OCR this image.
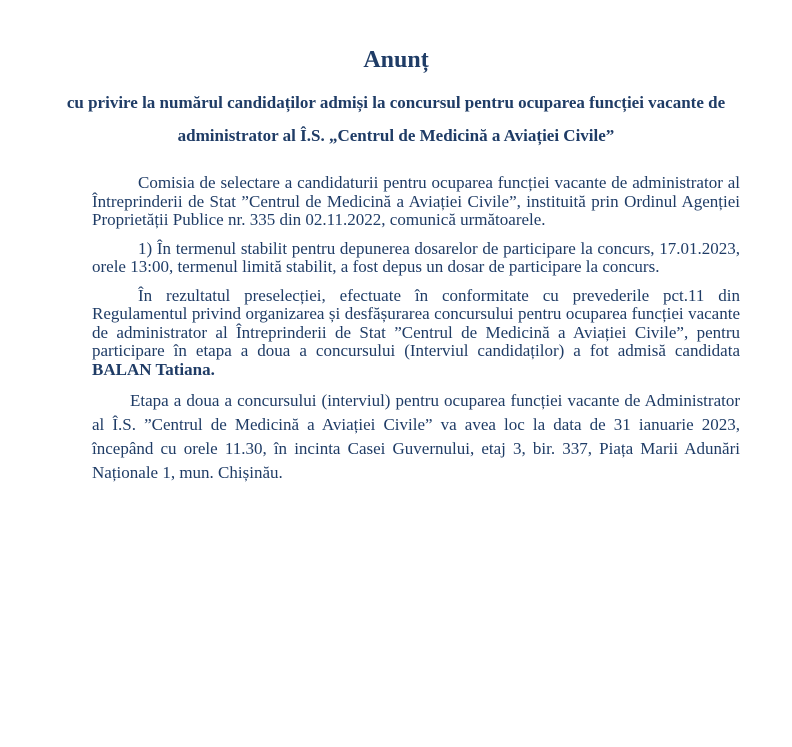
Anunț
cu privire la numărul candidaților admiși la concursul pentru ocuparea funcției vacante de administrator al Î.S. „Centrul de Medicină a Aviației Civile”

Comisia de selectare a candidaturii pentru ocuparea funcției vacante de administrator al Întreprinderii de Stat ”Centrul de Medicină a Aviației Civile”, instituită prin Ordinul Agenției Proprietății Publice nr. 335 din 02.11.2022, comunică următoarele.

1) În termenul stabilit pentru depunerea dosarelor de participare la concurs, 17.01.2023, orele 13:00, termenul limită stabilit, a fost depus un dosar de participare la concurs.

În rezultatul preselecției, efectuate în conformitate cu prevederile pct.11 din Regulamentul privind organizarea și desfășurarea concursului pentru ocuparea funcției vacante de administrator al Întreprinderii de Stat ”Centrul de Medicină a Aviației Civile”, pentru participare în etapa a doua a concursului (Interviul candidaților) a fot admisă candidata BALAN Tatiana.

Etapa a doua a concursului (interviul) pentru ocuparea funcției vacante de Administrator al Î.S. ”Centrul de Medicină a Aviației Civile” va avea loc la data de 31 ianuarie 2023, începând cu orele 11.30, în incinta Casei Guvernului, etaj 3, bir. 337, Piața Marii Adunări Naționale 1, mun. Chișinău.
